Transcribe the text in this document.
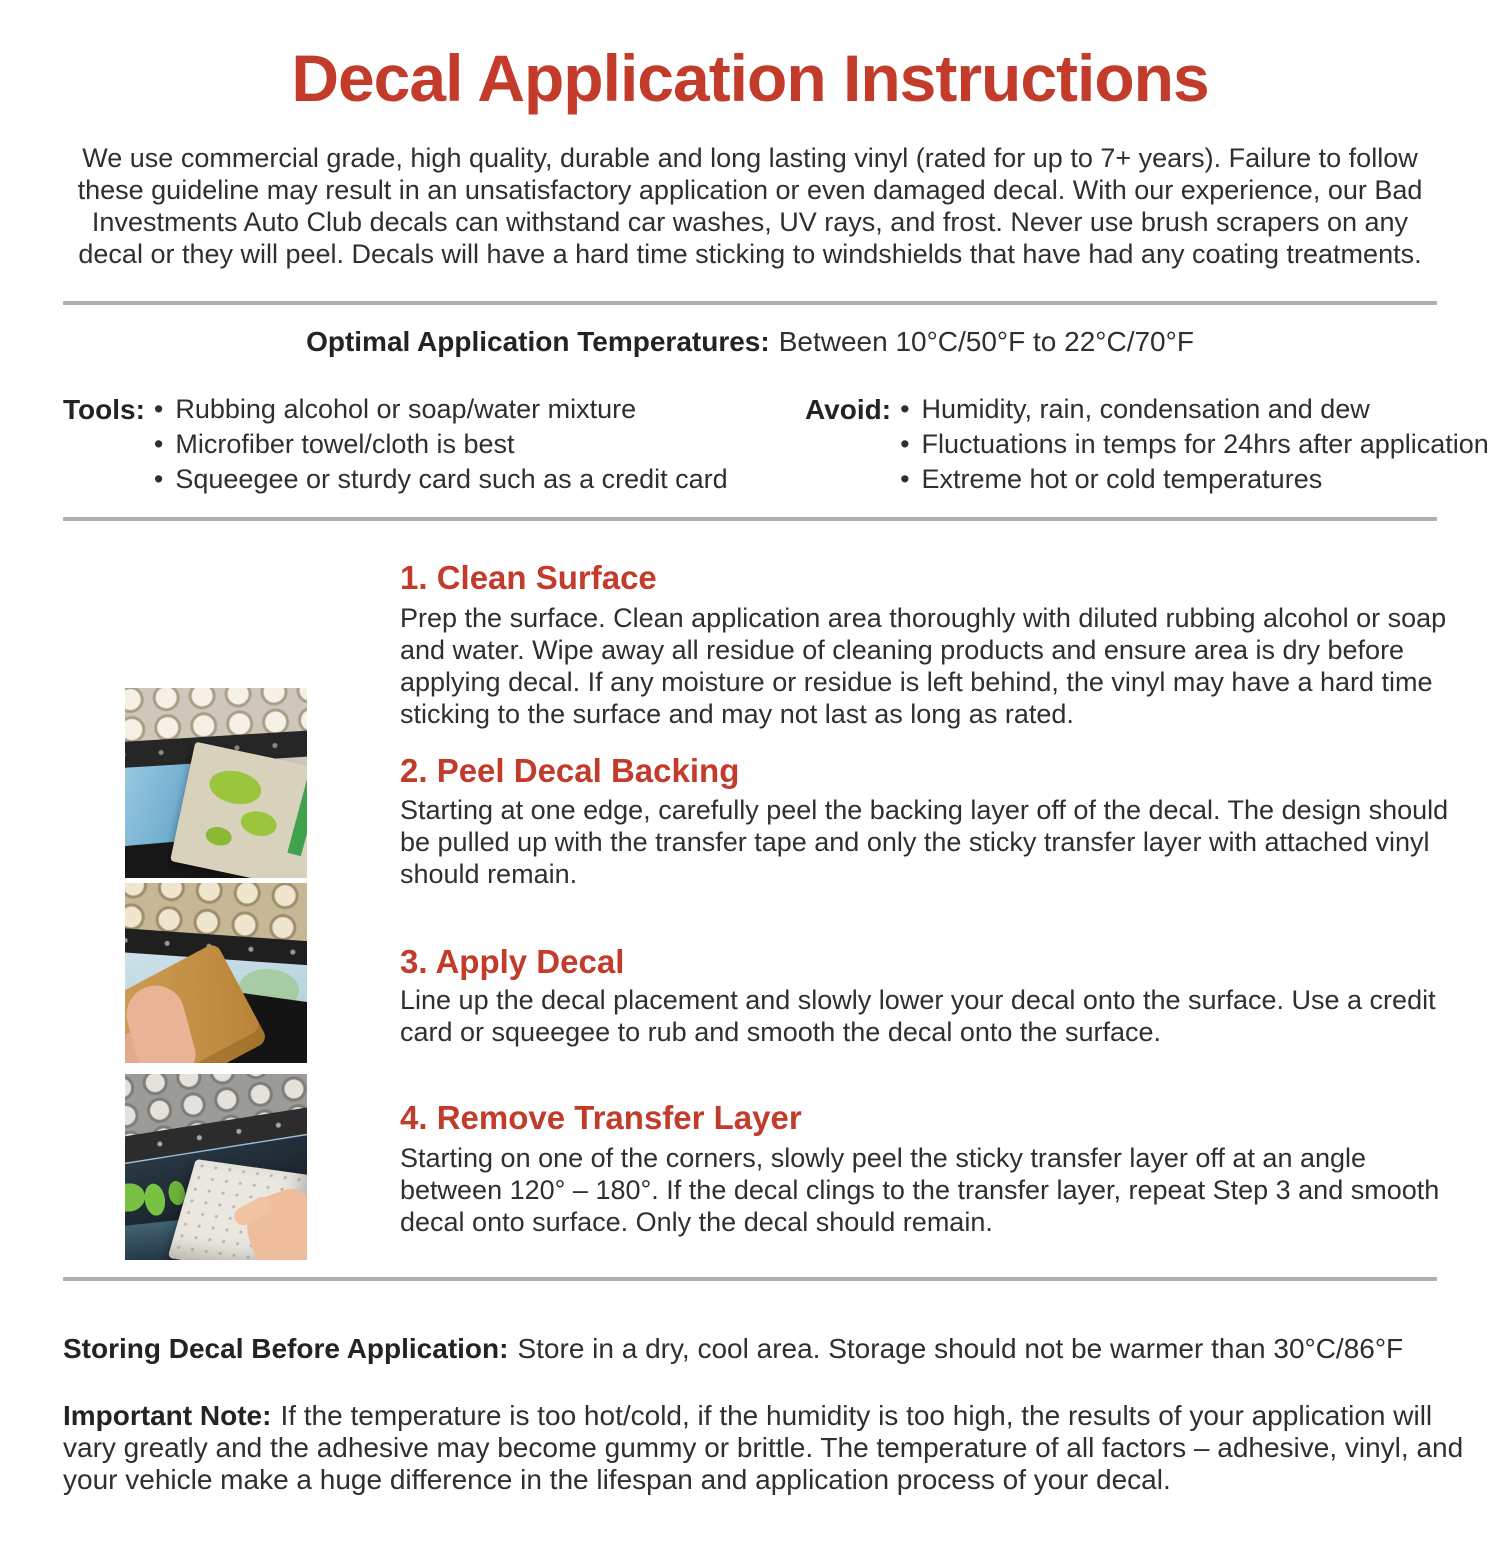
Decal Application Instructions

We use commercial grade, high quality, durable and long lasting vinyl (rated for up to 7+ years). Failure to follow these guideline may result in an unsatisfactory application or even damaged decal. With our experience, our Bad Investments Auto Club decals can withstand car washes, UV rays, and frost. Never use brush scrapers on any decal or they will peel. Decals will have a hard time sticking to windshields that have had any coating treatments.

Optimal Application Temperatures: Between 10°C/50°F to 22°C/70°F

Tools:	• Rubbing alcohol or soap/water mixture
• Microfiber towel/cloth is best
• Squeegee or sturdy card such as a credit card
Avoid:	• Humidity, rain, condensation and dew
• Fluctuations in temps for 24hrs after application
• Extreme hot or cold temperatures
1. Clean Surface

Prep the surface. Clean application area thoroughly with diluted rubbing alcohol or soap and water. Wipe away all residue of cleaning products and ensure area is dry before applying decal. If any moisture or residue is left behind, the vinyl may have a hard time sticking to the surface and may not last as long as rated.

2. Peel Decal Backing

Starting at one edge, carefully peel the backing layer off of the decal. The design should be pulled up with the transfer tape and only the sticky transfer layer with attached vinyl should remain.

3. Apply Decal

Line up the decal placement and slowly lower your decal onto the surface. Use a credit card or squeegee to rub and smooth the decal onto the surface.

4. Remove Transfer Layer

Starting on one of the corners, slowly peel the sticky transfer layer off at an angle between 120° – 180°. If the decal clings to the transfer layer, repeat Step 3 and smooth decal onto surface. Only the decal should remain.

Storing Decal Before Application: Store in a dry, cool area. Storage should not be warmer than 30°C/86°F

Important Note: If the temperature is too hot/cold, if the humidity is too high, the results of your application will vary greatly and the adhesive may become gummy or brittle. The temperature of all factors – adhesive, vinyl, and your vehicle make a huge difference in the lifespan and application process of your decal.
